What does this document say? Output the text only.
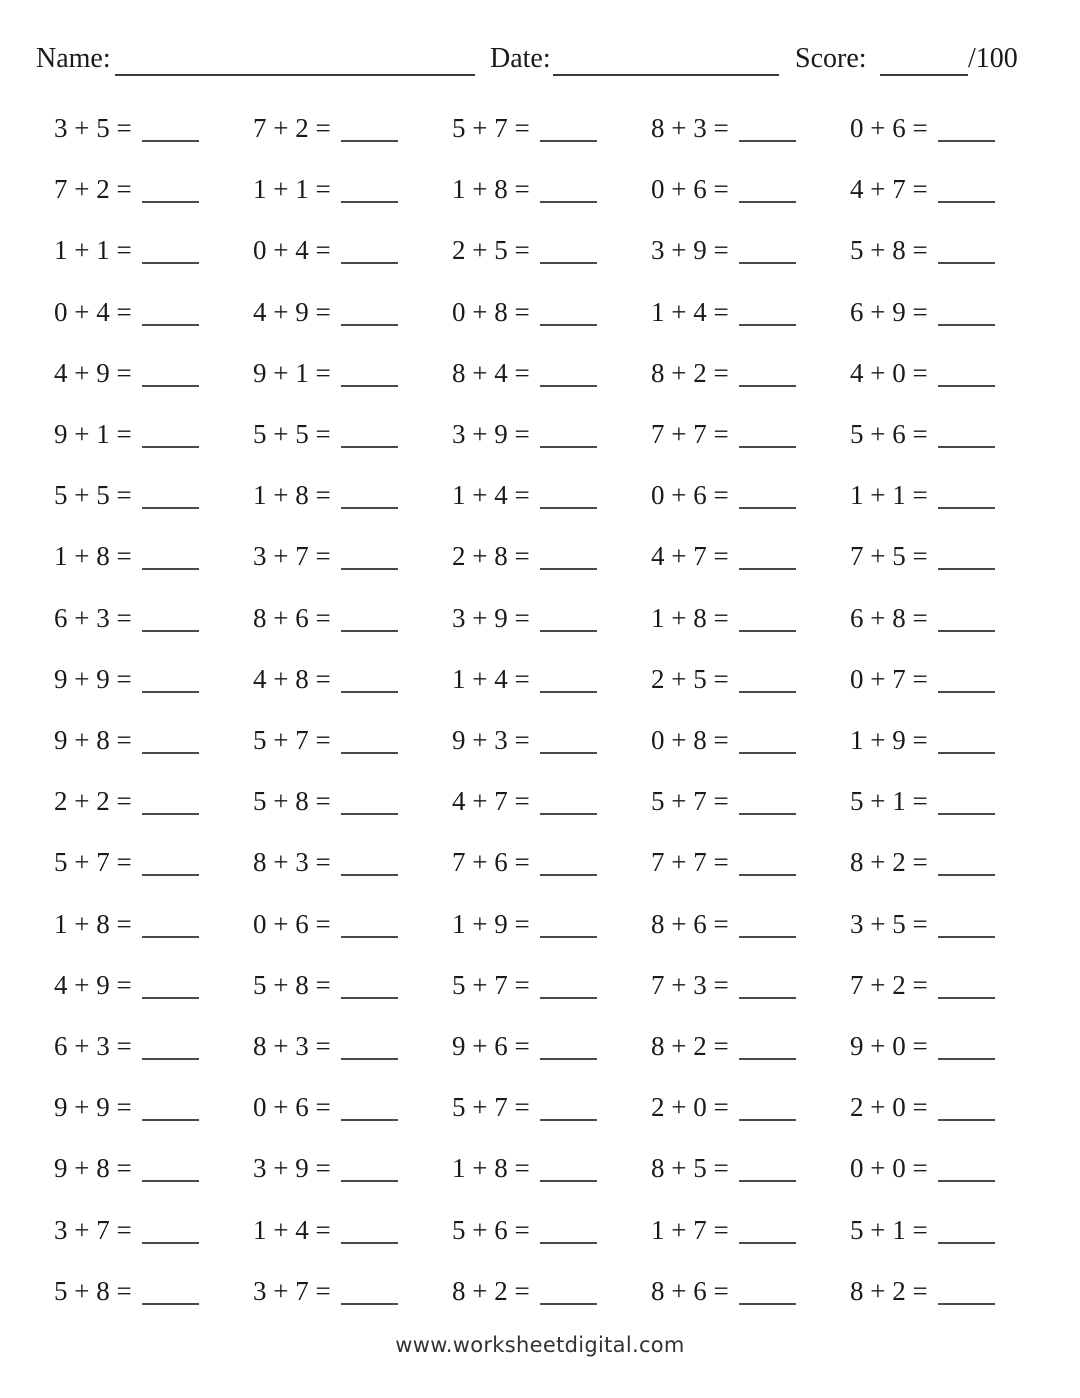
Name:	Date:	Score:	/100
3 + 5 =	7 + 2 =	5 + 7 =	8 + 3 =	0 + 6 =
7 + 2 =	1 + 1 =	1 + 8 =	0 + 6 =	4 + 7 =
1 + 1 =	0 + 4 =	2 + 5 =	3 + 9 =	5 + 8 =
0 + 4 =	4 + 9 =	0 + 8 =	1 + 4 =	6 + 9 =
4 + 9 =	9 + 1 =	8 + 4 =	8 + 2 =	4 + 0 =
9 + 1 =	5 + 5 =	3 + 9 =	7 + 7 =	5 + 6 =
5 + 5 =	1 + 8 =	1 + 4 =	0 + 6 =	1 + 1 =
1 + 8 =	3 + 7 =	2 + 8 =	4 + 7 =	7 + 5 =
6 + 3 =	8 + 6 =	3 + 9 =	1 + 8 =	6 + 8 =
9 + 9 =	4 + 8 =	1 + 4 =	2 + 5 =	0 + 7 =
9 + 8 =	5 + 7 =	9 + 3 =	0 + 8 =	1 + 9 =
2 + 2 =	5 + 8 =	4 + 7 =	5 + 7 =	5 + 1 =
5 + 7 =	8 + 3 =	7 + 6 =	7 + 7 =	8 + 2 =
1 + 8 =	0 + 6 =	1 + 9 =	8 + 6 =	3 + 5 =
4 + 9 =	5 + 8 =	5 + 7 =	7 + 3 =	7 + 2 =
6 + 3 =	8 + 3 =	9 + 6 =	8 + 2 =	9 + 0 =
9 + 9 =	0 + 6 =	5 + 7 =	2 + 0 =	2 + 0 =
9 + 8 =	3 + 9 =	1 + 8 =	8 + 5 =	0 + 0 =
3 + 7 =	1 + 4 =	5 + 6 =	1 + 7 =	5 + 1 =
5 + 8 =	3 + 7 =	8 + 2 =	8 + 6 =	8 + 2 =
www.worksheetdigital.com
